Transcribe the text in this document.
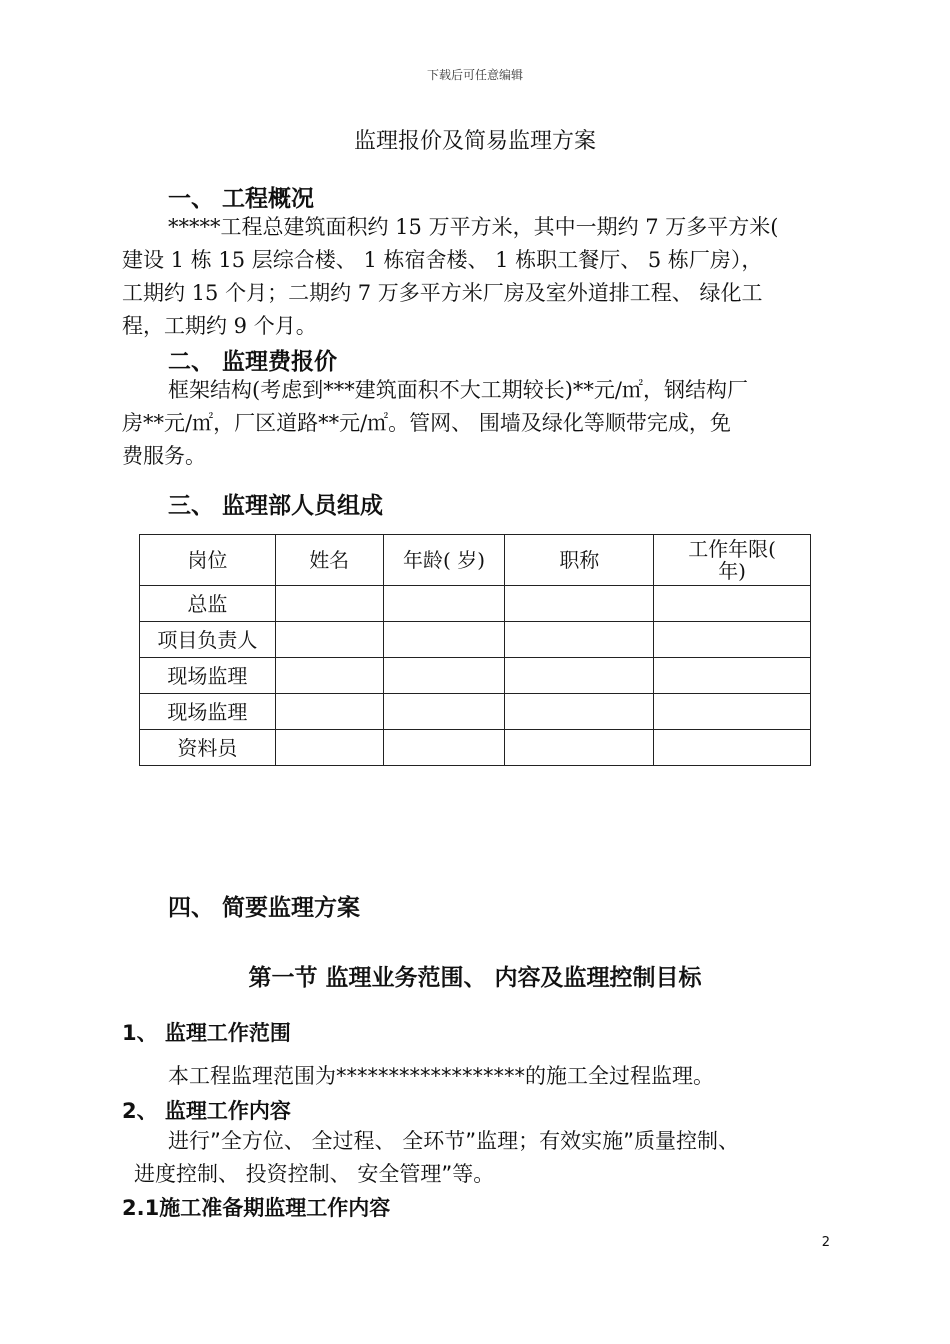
下载后可任意编辑
监理报价及简易监理方案
一、 工程概况
*****工程总建筑面积约 15 万平方米，其中一期约 7 万多平方米(
建设 1 栋 15 层综合楼、 1 栋宿舍楼、 1 栋职工餐厅、 5 栋厂房），
工期约 15 个月；二期约 7 万多平方米厂房及室外道排工程、 绿化工
程，工期约 9 个月。
二、 监理费报价
框架结构(考虑到***建筑面积不大工期较长)**元/㎡，钢结构厂
房**元/㎡，厂区道路**元/㎡。管网、 围墙及绿化等顺带完成，免
费服务。
三、 监理部人员组成
岗位	姓名	年龄( 岁)	职称	工作年限(
年)

总监				
项目负责人				
现场监理				
现场监理				
资料员				
四、 简要监理方案
第一节 监理业务范围、 内容及监理控制目标
1、 监理工作范围
本工程监理范围为******************的施工全过程监理。
2、 监理工作内容
进行”全方位、 全过程、 全环节”监理；有效实施”质量控制、
进度控制、 投资控制、 安全管理”等。
2.1施工准备期监理工作内容
2
